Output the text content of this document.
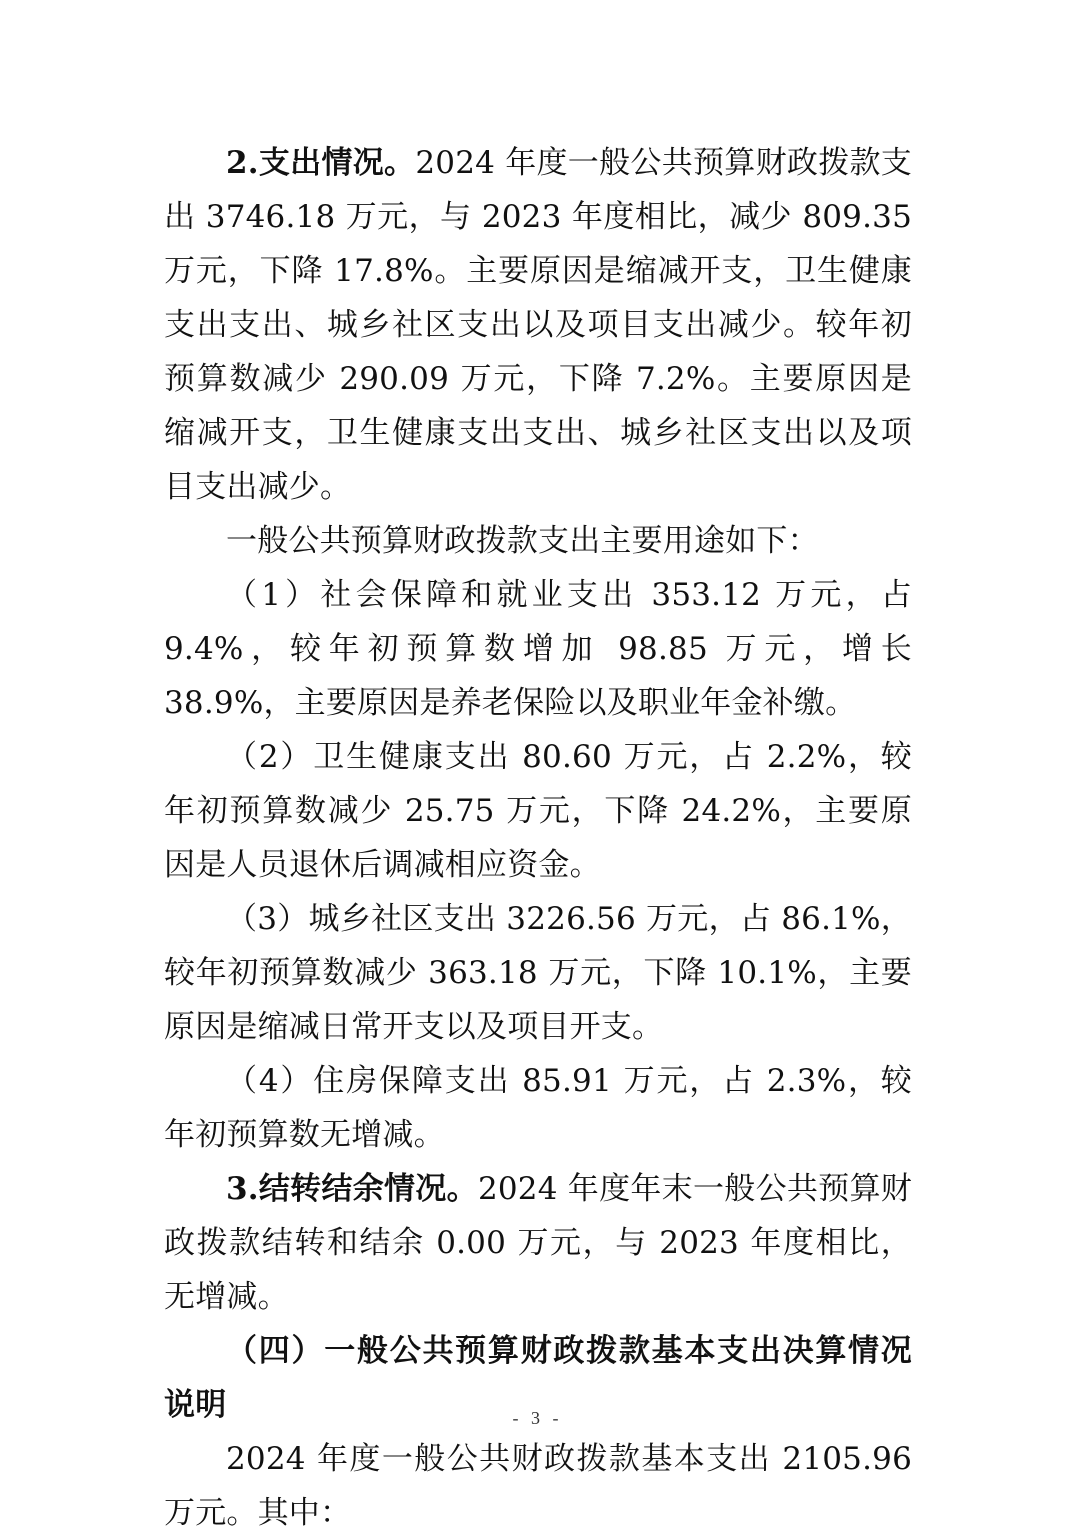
2.支出情况。2024 年度一般公共预算财政拨款支出 3746.18 万元，与 2023 年度相比，减少 809.35 万元，下降 17.8%。主要原因是缩减开支，卫生健康支出支出、城乡社区支出以及项目支出减少。较年初预算数减少 290.09 万元，下降 7.2%。主要原因是缩减开支，卫生健康支出支出、城乡社区支出以及项目支出减少。

一般公共预算财政拨款支出主要用途如下：

（1）社会保障和就业支出 353.12 万元，占 9.4%，较年初预算数增加 98.85 万元，增长 38.9%，主要原因是养老保险以及职业年金补缴。

（2）卫生健康支出 80.60 万元，占 2.2%，较年初预算数减少 25.75 万元，下降 24.2%，主要原因是人员退休后调减相应资金。

（3）城乡社区支出 3226.56 万元，占 86.1%，较年初预算数减少 363.18 万元，下降 10.1%，主要原因是缩减日常开支以及项目开支。

（4）住房保障支出 85.91 万元，占 2.3%，较年初预算数无增减。

3.结转结余情况。2024 年度年末一般公共预算财政拨款结转和结余 0.00 万元，与 2023 年度相比，无增减。

（四）一般公共预算财政拨款基本支出决算情况说明

2024 年度一般公共财政拨款基本支出 2105.96 万元。其中：

- 3 -
